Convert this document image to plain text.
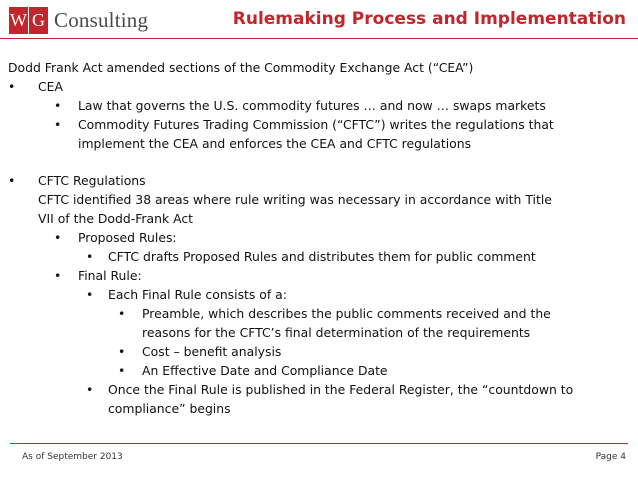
W G Consulting	Rulemaking Process and Implementation
Dodd Frank Act amended sections of the Commodity Exchange Act (“CEA”)
• CEA
• Law that governs the U.S. commodity futures … and now … swaps markets
• Commodity Futures Trading Commission (“CFTC”) writes the regulations that
implement the CEA and enforces the CEA and CFTC regulations
• CFTC Regulations
CFTC identified 38 areas where rule writing was necessary in accordance with Title
VII of the Dodd-Frank Act
• Proposed Rules:
• CFTC drafts Proposed Rules and distributes them for public comment
• Final Rule:
• Each Final Rule consists of a:
• Preamble, which describes the public comments received and the
reasons for the CFTC’s final determination of the requirements
• Cost – benefit analysis
• An Effective Date and Compliance Date
• Once the Final Rule is published in the Federal Register, the “countdown to
compliance” begins
As of September 2013	Page 4
